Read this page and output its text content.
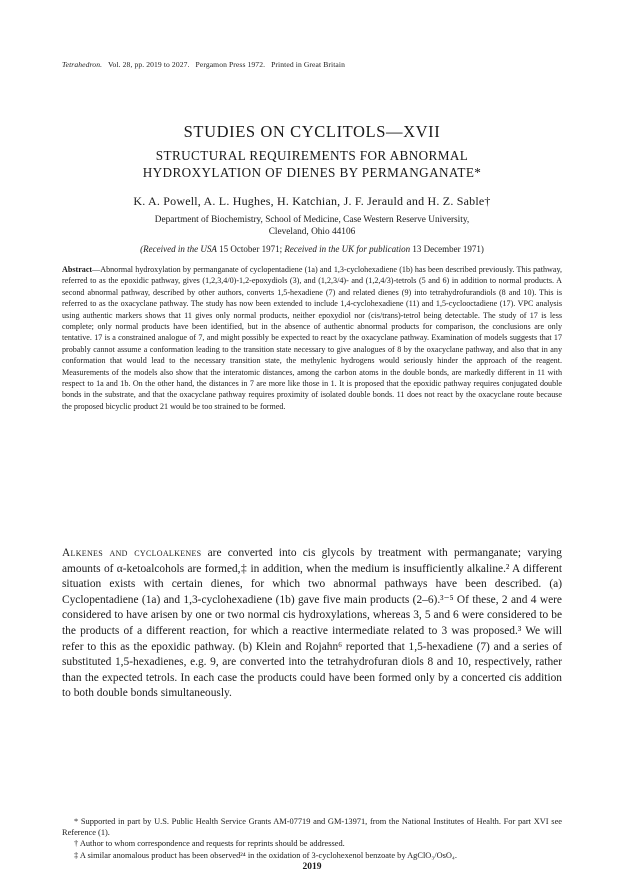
Tetrahedron. Vol. 28, pp. 2019 to 2027. Pergamon Press 1972. Printed in Great Britain
STUDIES ON CYCLITOLS—XVII
STRUCTURAL REQUIREMENTS FOR ABNORMAL
HYDROXYLATION OF DIENES BY PERMANGANATE*
K. A. Powell, A. L. Hughes, H. Katchian, J. F. Jerauld and H. Z. Sable†
Department of Biochemistry, School of Medicine, Case Western Reserve University,
Cleveland, Ohio 44106
(Received in the USA 15 October 1971; Received in the UK for publication 13 December 1971)
Abstract—Abnormal hydroxylation by permanganate of cyclopentadiene (1a) and 1,3-cyclohexadiene (1b) has been described previously. This pathway, referred to as the epoxidic pathway, gives (1,2,3,4/0)-1,2-epoxydiols (3), and (1,2,3/4)- and (1,2,4/3)-tetrols (5 and 6) in addition to normal products. A second abnormal pathway, described by other authors, converts 1,5-hexadiene (7) and related dienes (9) into tetrahydrofurandiols (8 and 10). This is referred to as the oxacyclane pathway. The study has now been extended to include 1,4-cyclohexadiene (11) and 1,5-cyclooctadiene (17). VPC analysis using authentic markers shows that 11 gives only normal products, neither epoxydiol nor (cis/trans)-tetrol being detectable. The study of 17 is less complete; only normal products have been identified, but in the absence of authentic abnormal products for comparison, the conclusions are only tentative. 17 is a constrained analogue of 7, and might possibly be expected to react by the oxacyclane pathway. Examination of models suggests that 17 probably cannot assume a conformation leading to the transition state necessary to give analogues of 8 by the oxacyclane pathway, and also that in any conformation that would lead to the necessary transition state, the methylenic hydrogens would seriously hinder the approach of the reagent. Measurements of the models also show that the interatomic distances, among the carbon atoms in the double bonds, are markedly different in 11 with respect to 1a and 1b. On the other hand, the distances in 7 are more like those in 1. It is proposed that the epoxidic pathway requires conjugated double bonds in the substrate, and that the oxacyclane pathway requires proximity of isolated double bonds. 11 does not react by the oxacyclane route because the proposed bicyclic product 21 would be too strained to be formed.
Alkenes and cycloalkenes are converted into cis glycols by treatment with permanganate; varying amounts of α-ketoalcohols are formed,‡ in addition, when the medium is insufficiently alkaline.² A different situation exists with certain dienes, for which two abnormal pathways have been described. (a) Cyclopentadiene (1a) and 1,3-cyclohexadiene (1b) gave five main products (2–6).³⁻⁵ Of these, 2 and 4 were considered to have arisen by one or two normal cis hydroxylations, whereas 3, 5 and 6 were considered to be the products of a different reaction, for which a reactive intermediate related to 3 was proposed.³ We will refer to this as the epoxidic pathway. (b) Klein and Rojahn⁶ reported that 1,5-hexadiene (7) and a series of substituted 1,5-hexadienes, e.g. 9, are converted into the tetrahydrofuran diols 8 and 10, respectively, rather than the expected tetrols. In each case the products could have been formed only by a concerted cis addition to both double bonds simultaneously.

* Supported in part by U.S. Public Health Service Grants AM-07719 and GM-13971, from the National Institutes of Health. For part XVI see Reference (1).

† Author to whom correspondence and requests for reprints should be addressed.

‡ A similar anomalous product has been observed²⁴ in the oxidation of 3-cyclohexenol benzoate by AgClO₃/OsO₄.

2019
